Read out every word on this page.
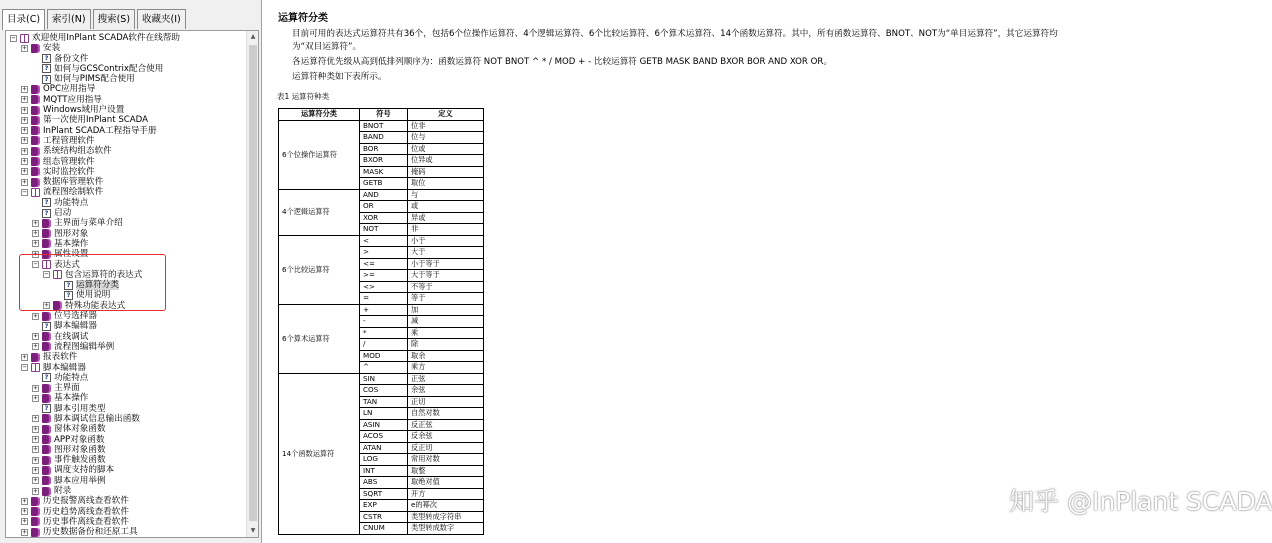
目录(C)	索引(N)	搜索(S)	收藏夹(I)
− 欢迎使用InPlant SCADA软件在线帮助
+ 安装
? 备份文件
? 如何与GCSContrix配合使用
? 如何与PIMS配合使用
+ OPC应用指导
+ MQTT应用指导
+ Windows域用户设置
+ 第一次使用InPlant SCADA
+ InPlant SCADA工程指导手册
+ 工程管理软件
+ 系统结构组态软件
+ 组态管理软件
+ 实时监控软件
+ 数据库管理软件
− 流程图绘制软件
? 功能特点
? 启动
+ 主界面与菜单介绍
+ 图形对象
+ 基本操作
+ 属性设置
− 表达式
− 包含运算符的表达式
? 运算符分类
? 使用说明
+ 特殊功能表达式
+ 位号选择器
? 脚本编辑器
+ 在线调试
+ 流程图编辑举例
+ 报表软件
− 脚本编辑器
? 功能特点
+ 主界面
+ 基本操作
? 脚本引用类型
+ 脚本调试信息输出函数
+ 窗体对象函数
+ APP对象函数
+ 图形对象函数
+ 事件触发函数
+ 调度支持的脚本
+ 脚本应用举例
+ 附录
+ 历史报警离线查看软件
+ 历史趋势离线查看软件
+ 历史事件离线查看软件
+ 历史数据备份和还原工具
▲
▼
运算符分类
目前可用的表达式运算符共有36个，包括6个位操作运算符、4个逻辑运算符、6个比较运算符、6个算术运算符、14个函数运算符。其中，所有函数运算符、BNOT、NOT为“单目运算符”，其它运算符均为“双目运算符”。
各运算符优先级从高到低排列顺序为：函数运算符 NOT BNOT ^ * / MOD + - 比较运算符 GETB MASK BAND BXOR BOR AND XOR OR。
运算符种类如下表所示。
表1 运算符种类
运算符分类	符号	定义
6个位操作运算符	BNOT	位非
	BAND	位与
	BOR	位或
	BXOR	位异或
	MASK	掩码
	GETB	取位
4个逻辑运算符	AND	与
	OR	或
	XOR	异或
	NOT	非
6个比较运算符	<	小于
	>	大于
	<=	小于等于
	>=	大于等于
	<>	不等于
	=	等于
6个算术运算符	+	加
	-	减
	*	乘
	/	除
	MOD	取余
	^	乘方
14个函数运算符	SIN	正弦
	COS	余弦
	TAN	正切
	LN	自然对数
	ASIN	反正弦
	ACOS	反余弦
	ATAN	反正切
	LOG	常用对数
	INT	取整
	ABS	取绝对值
	SQRT	开方
	EXP	e的幂次
	CSTR	类型转成字符串
	CNUM	类型转成数字
知乎 @InPlant SCADA
